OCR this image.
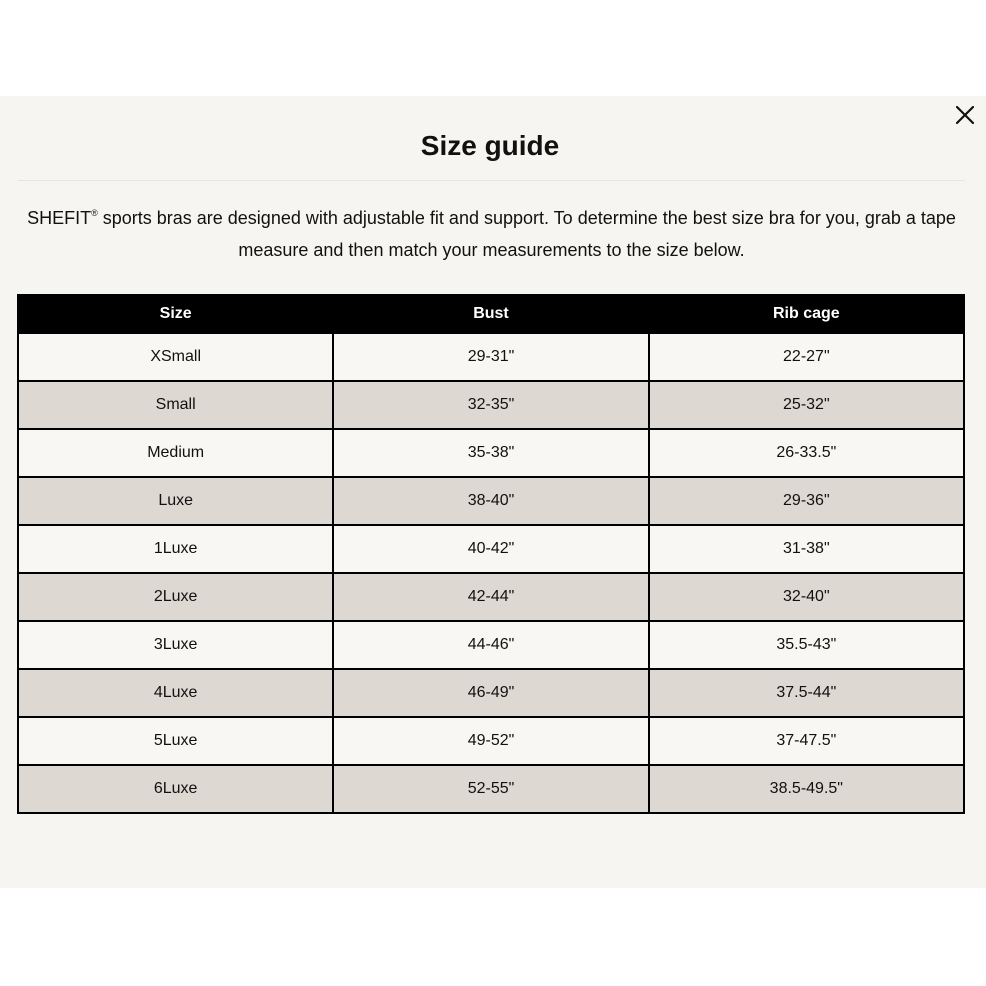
Size guide

SHEFIT® sports bras are designed with adjustable fit and support. To determine the best size bra for you, grab a tape measure and then match your measurements to the size below.

Size	Bust	Rib cage
XSmall	29-31"	22-27"
Small	32-35"	25-32"
Medium	35-38"	26-33.5"
Luxe	38-40"	29-36"
1Luxe	40-42"	31-38"
2Luxe	42-44"	32-40"
3Luxe	44-46"	35.5-43"
4Luxe	46-49"	37.5-44"
5Luxe	49-52"	37-47.5"
6Luxe	52-55"	38.5-49.5"
